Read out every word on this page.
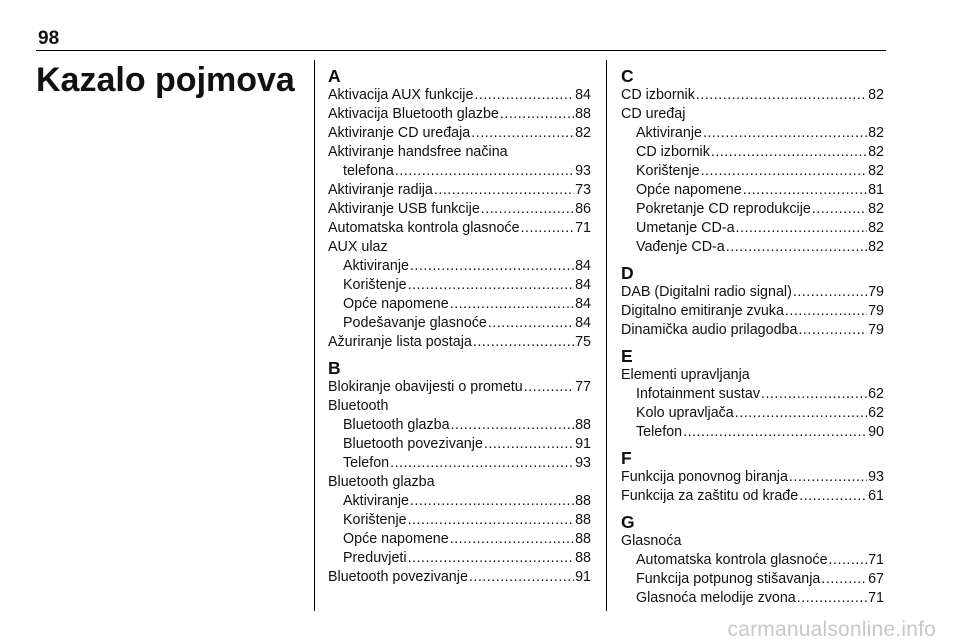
98
Kazalo pojmova A
Aktivacija AUX funkcije .....	84
Aktivacija Bluetooth glazbe .....	88
Aktiviranje CD uređaja .....	82
Aktiviranje handsfree načina
telefona .....	93
Aktiviranje radija .....	73
Aktiviranje USB funkcije .....	86
Automatska kontrola glasnoće .....	71
AUX ulaz
Aktiviranje .....	84
Korištenje .....	84
Opće napomene .....	84
Podešavanje glasnoće .....	84
Ažuriranje lista postaja .....	75
B
Blokiranje obavijesti o prometu .....	77
Bluetooth
Bluetooth glazba .....	88
Bluetooth povezivanje .....	91
Telefon .....	93
Bluetooth glazba
Aktiviranje .....	88
Korištenje .....	88
Opće napomene .....	88
Preduvjeti .....	88
Bluetooth povezivanje .....	91
C
CD izbornik .....	82
CD uređaj
Aktiviranje .....	82
CD izbornik .....	82
Korištenje .....	82
Opće napomene .....	81
Pokretanje CD reprodukcije .....	82
Umetanje CD-a .....	82
Vađenje CD-a .....	82
D
DAB (Digitalni radio signal) .....	79
Digitalno emitiranje zvuka .....	79
Dinamička audio prilagodba .....	79
E
Elementi upravljanja
Infotainment sustav .....	62
Kolo upravljača .....	62
Telefon .....	90
F
Funkcija ponovnog biranja .....	93
Funkcija za zaštitu od krađe .....	61
G
Glasnoća
Automatska kontrola glasnoće .....	71
Funkcija potpunog stišavanja .....	67
Glasnoća melodije zvona .....	71
carmanualsonline.info
